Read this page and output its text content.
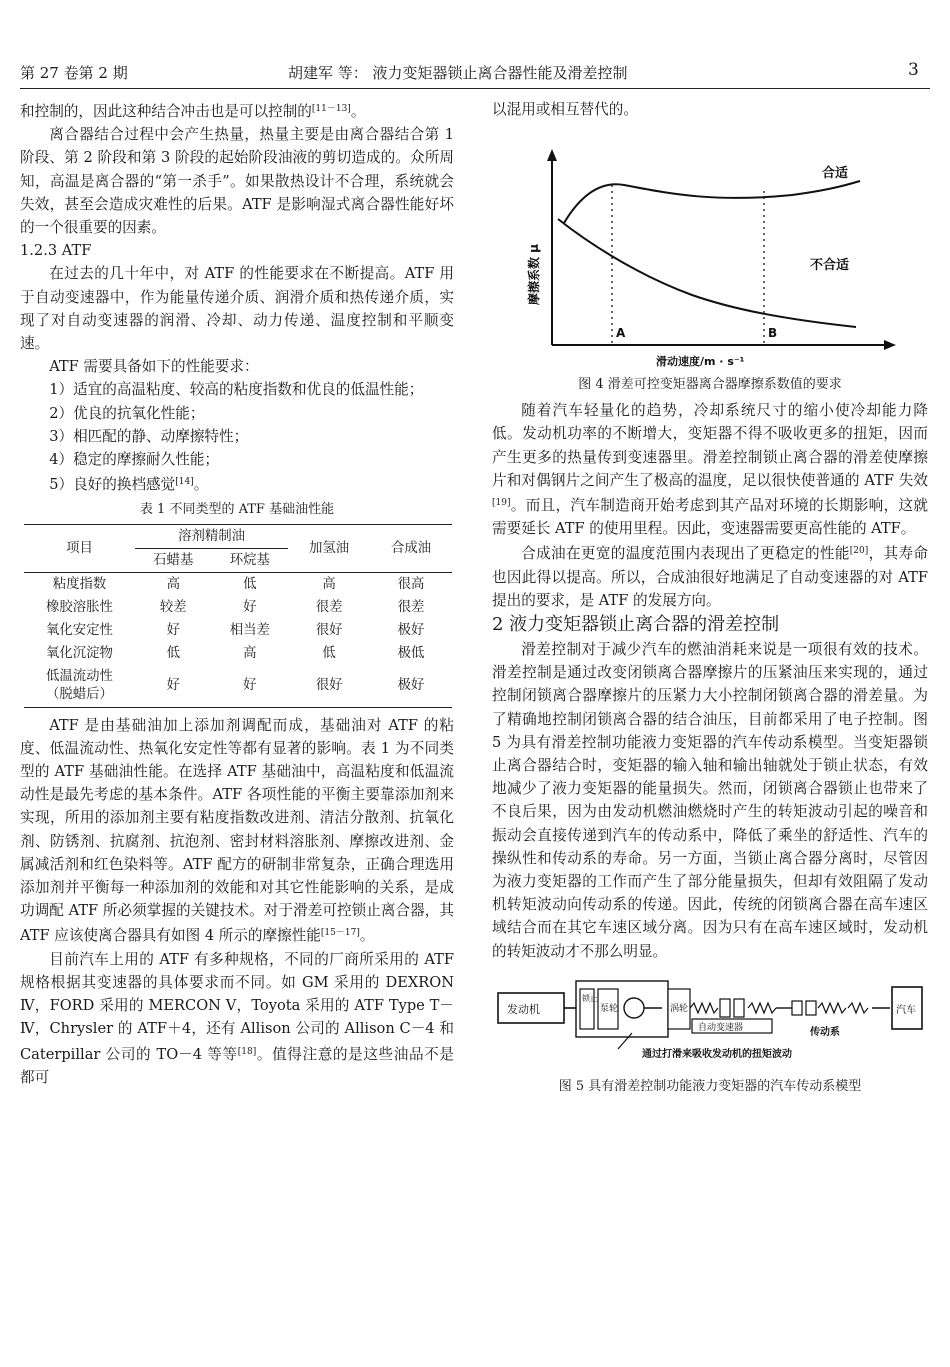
第 27 卷第 2 期	胡建军 等： 液力变矩器锁止离合器性能及滑差控制	3

和控制的，因此这种结合冲击也是可以控制的[11－13]。

离合器结合过程中会产生热量，热量主要是由离合器结合第 1 阶段、第 2 阶段和第 3 阶段的起始阶段油液的剪切造成的。众所周知，高温是离合器的“第一杀手”。如果散热设计不合理，系统就会失效，甚至会造成灾难性的后果。ATF 是影响湿式离合器性能好坏的一个很重要的因素。

1.2.3 ATF

在过去的几十年中，对 ATF 的性能要求在不断提高。ATF 用于自动变速器中，作为能量传递介质、润滑介质和热传递介质，实现了对自动变速器的润滑、冷却、动力传递、温度控制和平顺变速。

ATF 需要具备如下的性能要求：

1）适宜的高温粘度、较高的粘度指数和优良的低温性能；

2）优良的抗氧化性能；

3）相匹配的静、动摩擦特性；

4）稳定的摩擦耐久性能；

5）良好的换档感觉[14]。

表 1 不同类型的 ATF 基础油性能

项目	溶剂精制油		加氢油	合成油
	石蜡基	环烷基		
粘度指数	高	低	高	很高
橡胶溶胀性	较差	好	很差	很差
氧化安定性	好	相当差	很好	极好
氧化沉淀物	低	高	低	极低
低温流动性
（脱蜡后）	好	好	很好	极好

ATF 是由基础油加上添加剂调配而成，基础油对 ATF 的粘度、低温流动性、热氧化安定性等都有显著的影响。表 1 为不同类型的 ATF 基础油性能。在选择 ATF 基础油中，高温粘度和低温流动性是最先考虑的基本条件。ATF 各项性能的平衡主要靠添加剂来实现，所用的添加剂主要有粘度指数改进剂、清洁分散剂、抗氧化剂、防锈剂、抗腐剂、抗泡剂、密封材料溶胀剂、摩擦改进剂、金属减活剂和红色染料等。ATF 配方的研制非常复杂，正确合理选用添加剂并平衡每一种添加剂的效能和对其它性能影响的关系，是成功调配 ATF 所必须掌握的关键技术。对于滑差可控锁止离合器，其 ATF 应该使离合器具有如图 4 所示的摩擦性能[15－17]。

目前汽车上用的 ATF 有多种规格，不同的厂商所采用的 ATF 规格根据其变速器的具体要求而不同。如 GM 采用的 DEXRON Ⅳ，FORD 采用的 MERCON Ⅴ，Toyota 采用的 ATF Type T－Ⅳ，Chrysler 的 ATF＋4，还有 Allison 公司的 Allison C－4 和 Caterpillar 公司的 TO－4 等等[18]。值得注意的是这些油品不是都可

以混用或相互替代的。

合适
不合适
A	B
摩擦系数 μ
滑动速度/m · s⁻¹

图 4 滑差可控变矩器离合器摩擦系数值的要求

随着汽车轻量化的趋势，冷却系统尺寸的缩小使冷却能力降低。发动机功率的不断增大，变矩器不得不吸收更多的扭矩，因而产生更多的热量传到变速器里。滑差控制锁止离合器的滑差使摩擦片和对偶钢片之间产生了极高的温度，足以很快使普通的 ATF 失效[19]。而且，汽车制造商开始考虑到其产品对环境的长期影响，这就需要延长 ATF 的使用里程。因此，变速器需要更高性能的 ATF。

合成油在更宽的温度范围内表现出了更稳定的性能[20]，其寿命也因此得以提高。所以，合成油很好地满足了自动变速器的对 ATF 提出的要求，是 ATF 的发展方向。

2 液力变矩器锁止离合器的滑差控制

滑差控制对于减少汽车的燃油消耗来说是一项很有效的技术。滑差控制是通过改变闭锁离合器摩擦片的压紧油压来实现的，通过控制闭锁离合器摩擦片的压紧力大小控制闭锁离合器的滑差量。为了精确地控制闭锁离合器的结合油压，目前都采用了电子控制。图 5 为具有滑差控制功能液力变矩器的汽车传动系模型。当变矩器锁止离合器结合时，变矩器的输入轴和输出轴就处于锁止状态，有效地减少了液力变矩器的能量损失。然而，闭锁离合器锁止也带来了不良后果，因为由发动机燃油燃烧时产生的转矩波动引起的噪音和振动会直接传递到汽车的传动系中，降低了乘坐的舒适性、汽车的操纵性和传动系的寿命。另一方面，当锁止离合器分离时，尽管因为液力变矩器的工作而产生了部分能量损失，但却有效阻隔了发动机转矩波动向传动系的传递。因此，传统的闭锁离合器在高车速区域结合而在其它车速区域分离。因为只有在高车速区域时，发动机的转矩波动才不那么明显。

发动机
锁止
泵轮	涡轮
自动变速器	传动系
汽车
通过打滑来吸收发动机的扭矩波动

图 5 具有滑差控制功能液力变矩器的汽车传动系模型
